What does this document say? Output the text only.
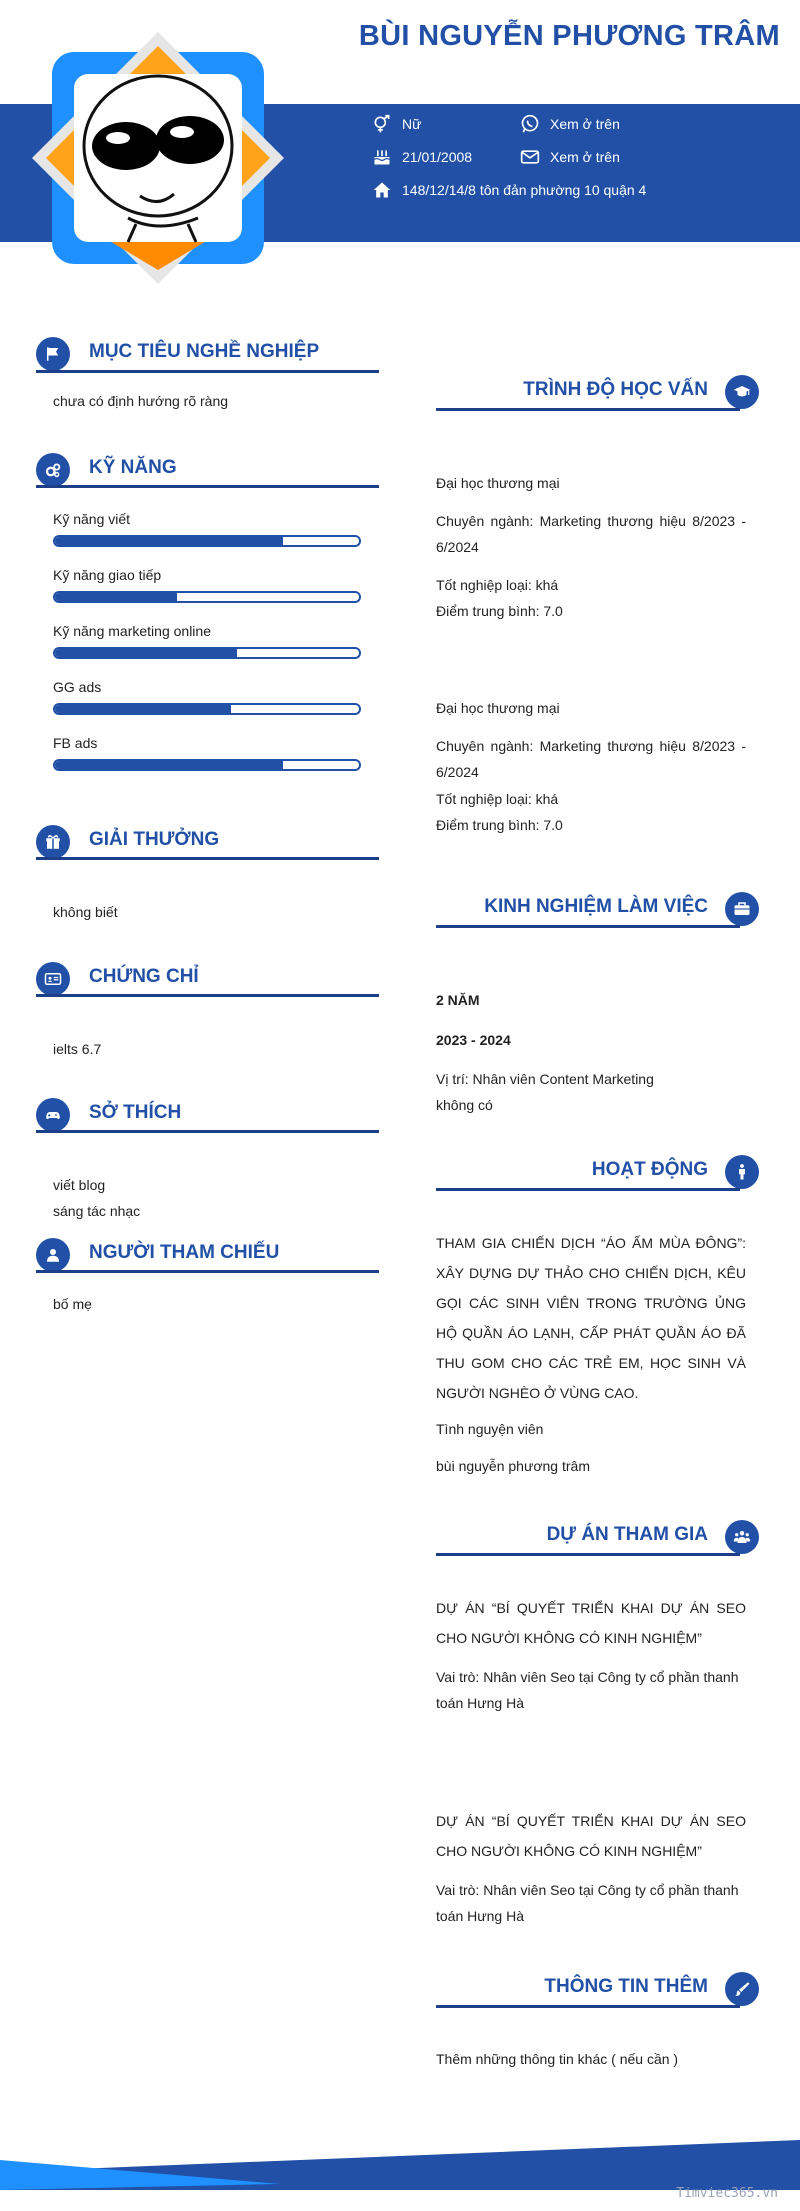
BÙI NGUYỄN PHƯƠNG TRÂM
Nữ	Xem ở trên
21/01/2008	Xem ở trên
148/12/14/8 tôn đản phường 10 quận 4
MỤC TIÊU NGHỀ NGHIỆP
chưa có định hướng rõ ràng
KỸ NĂNG
Kỹ năng viết
Kỹ năng giao tiếp
Kỹ năng marketing online
GG ads
FB ads
GIẢI THƯỞNG
không biết
CHỨNG CHỈ
ielts 6.7
SỞ THÍCH
viết blog
sáng tác nhạc
NGƯỜI THAM CHIẾU
bố mẹ
TRÌNH ĐỘ HỌC VẤN
Đại học thương mại
Chuyên ngành: Marketing thương hiệu 8/2023 - 6/2024
Tốt nghiệp loại: khá
Điểm trung bình: 7.0
Đại học thương mại
Chuyên ngành: Marketing thương hiệu 8/2023 - 6/2024
Tốt nghiệp loại: khá
Điểm trung bình: 7.0
KINH NGHIỆM LÀM VIỆC
2 NĂM
2023 - 2024
Vị trí: Nhân viên Content Marketing
không có
HOẠT ĐỘNG
THAM GIA CHIẾN DỊCH “ÁO ẤM MÙA ĐÔNG”: XÂY DỰNG DỰ THẢO CHO CHIẾN DỊCH, KÊU GỌI CÁC SINH VIÊN TRONG TRƯỜNG ỦNG HỘ QUẦN ÁO LẠNH, CẤP PHÁT QUẦN ÁO ĐÃ THU GOM CHO CÁC TRẺ EM, HỌC SINH VÀ NGƯỜI NGHÈO Ở VÙNG CAO.
Tình nguyện viên
bùi nguyễn phương trâm
DỰ ÁN THAM GIA
DỰ ÁN “BÍ QUYẾT TRIỂN KHAI DỰ ÁN SEO CHO NGƯỜI KHÔNG CÓ KINH NGHIỆM”
Vai trò: Nhân viên Seo tại Công ty cổ phần thanh toán Hưng Hà
DỰ ÁN “BÍ QUYẾT TRIỂN KHAI DỰ ÁN SEO CHO NGƯỜI KHÔNG CÓ KINH NGHIỆM”
Vai trò: Nhân viên Seo tại Công ty cổ phần thanh toán Hưng Hà
THÔNG TIN THÊM
Thêm những thông tin khác ( nếu cần )
Timviec365.vn
